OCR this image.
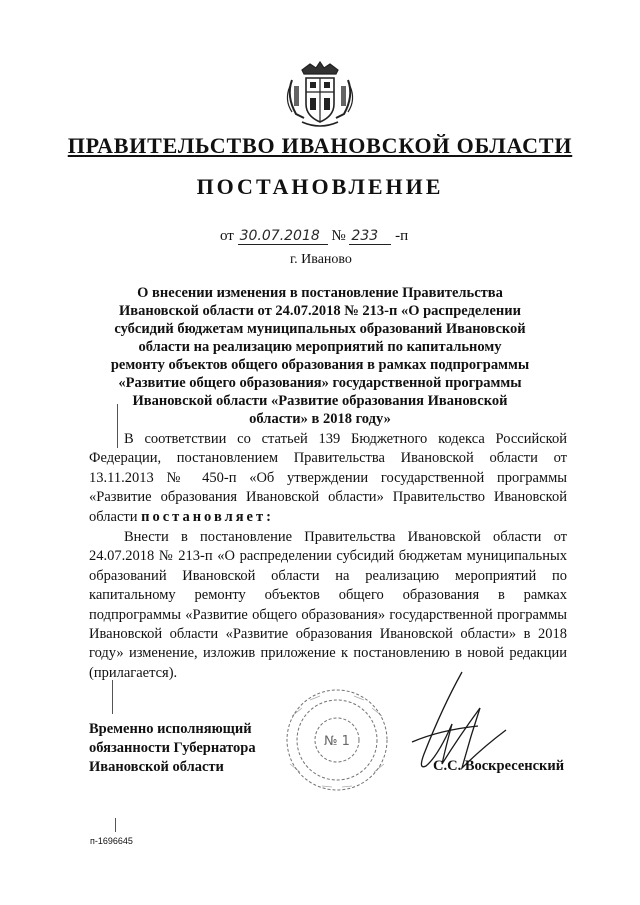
ПРАВИТЕЛЬСТВО ИВАНОВСКОЙ ОБЛАСТИ
ПОСТАНОВЛЕНИЕ
от 30.07.2018 № 233 -п
г. Иваново
О внесении изменения в постановление Правительства Ивановской области от 24.07.2018 № 213-п «О распределении субсидий бюджетам муниципальных образований Ивановской области на реализацию мероприятий по капитальному ремонту объектов общего образования в рамках подпрограммы «Развитие общего образования» государственной программы Ивановской области «Развитие образования Ивановской области» в 2018 году»
В соответствии со статьей 139 Бюджетного кодекса Российской Федерации, постановлением Правительства Ивановской области от 13.11.2013 № 450-п «Об утверждении государственной программы «Развитие образования Ивановской области» Правительство Ивановской области постановляет:
Внести в постановление Правительства Ивановской области от 24.07.2018 № 213-п «О распределении субсидий бюджетам муниципальных образований Ивановской области на реализацию мероприятий по капитальному ремонту объектов общего образования в рамках подпрограммы «Развитие общего образования» государственной программы Ивановской области «Развитие образования Ивановской области» в 2018 году» изменение, изложив приложение к постановлению в новой редакции (прилагается).
Временно исполняющий обязанности Губернатора Ивановской области
№ 1
С.С. Воскресенский
п-1696645
